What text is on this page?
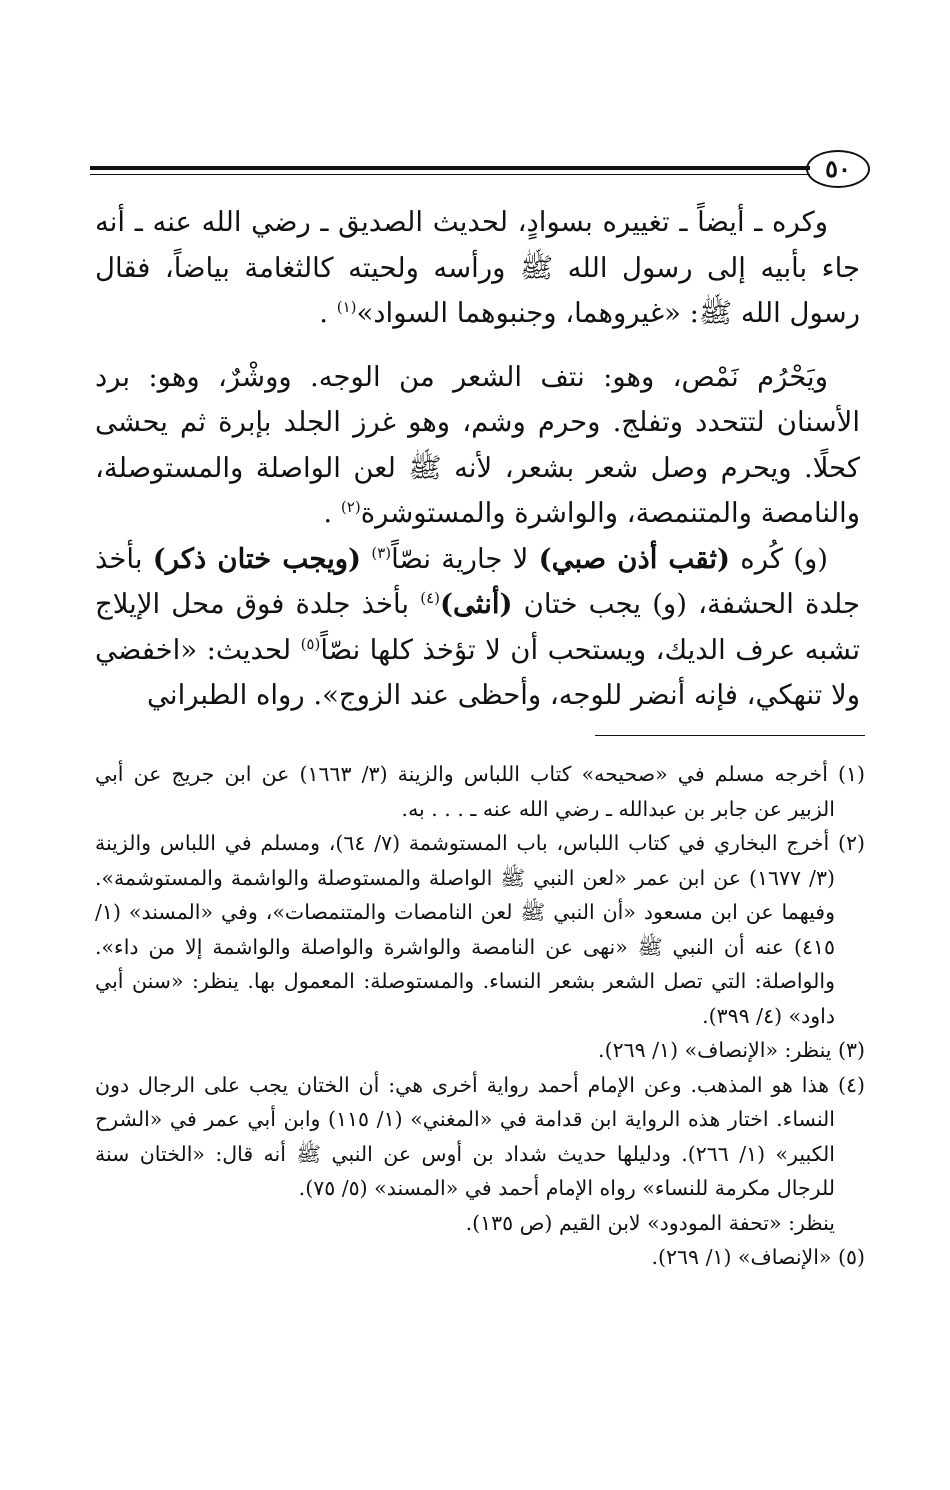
٥٠

وكره ـ أيضاً ـ تغييره بسوادٍ، لحديث الصديق ـ رضي الله عنه ـ أنه جاء بأبيه إلى رسول الله ﷺ ورأسه ولحيته كالثغامة بياضاً، فقال رسول الله ﷺ: «غيروهما، وجنبوهما السواد»$^{(١)}$ .

ويَحْرُم نَمْص، وهو: نتف الشعر من الوجه. ووشْرٌ، وهو: برد الأسنان لتتحدد وتفلج. وحرم وشم، وهو غرز الجلد بإبرة ثم يحشى كحلًا. ويحرم وصل شعر بشعر، لأنه ﷺ لعن الواصلة والمستوصلة، والنامصة والمتنمصة، والواشرة والمستوشرة$^{(٢)}$ .

(و) كُره (ثقب أذن صبي) لا جارية نصّاً$^{(٣)}$ (ويجب ختان ذكر) بأخذ جلدة الحشفة، (و) يجب ختان (أنثى)$^{(٤)}$ بأخذ جلدة فوق محل الإيلاج تشبه عرف الديك، ويستحب أن لا تؤخذ كلها نصّاً$^{(٥)}$ لحديث: «اخفضي ولا تنهكي، فإنه أنضر للوجه، وأحظى عند الزوج». رواه الطبراني

(١) أخرجه مسلم في «صحيحه» كتاب اللباس والزينة (٣/ ١٦٦٣) عن ابن جريج عن أبي الزبير عن جابر بن عبدالله ـ رضي الله عنه ـ . . . به.

(٢) أخرج البخاري في كتاب اللباس، باب المستوشمة (٧/ ٦٤)، ومسلم في اللباس والزينة (٣/ ١٦٧٧) عن ابن عمر «لعن النبي ﷺ الواصلة والمستوصلة والواشمة والمستوشمة». وفيهما عن ابن مسعود «أن النبي ﷺ لعن النامصات والمتنمصات»، وفي «المسند» (١/ ٤١٥) عنه أن النبي ﷺ «نهى عن النامصة والواشرة والواصلة والواشمة إلا من داء». والواصلة: التي تصل الشعر بشعر النساء. والمستوصلة: المعمول بها. ينظر: «سنن أبي داود» (٤/ ٣٩٩).

(٣) ينظر: «الإنصاف» (١/ ٢٦٩).

(٤) هذا هو المذهب. وعن الإمام أحمد رواية أخرى هي: أن الختان يجب على الرجال دون النساء. اختار هذه الرواية ابن قدامة في «المغني» (١/ ١١٥) وابن أبي عمر في «الشرح الكبير» (١/ ٢٦٦). ودليلها حديث شداد بن أوس عن النبي ﷺ أنه قال: «الختان سنة للرجال مكرمة للنساء» رواه الإمام أحمد في «المسند» (٥/ ٧٥).

ينظر: «تحفة المودود» لابن القيم (ص ١٣٥).

(٥) «الإنصاف» (١/ ٢٦٩).
